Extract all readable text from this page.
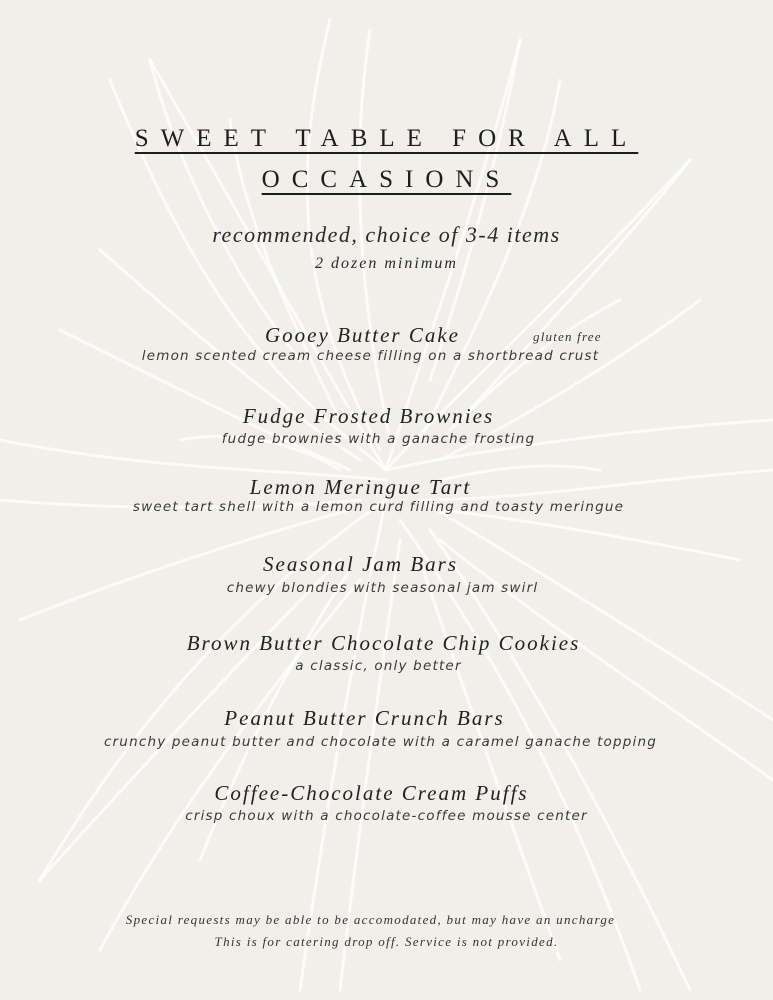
SWEET TABLE FOR ALL
OCCASIONS
recommended, choice of 3-4 items
2 dozen minimum
Gooey Butter Cake	gluten free
lemon scented cream cheese filling on a shortbread crust
Fudge Frosted Brownies
fudge brownies with a ganache frosting
Lemon Meringue Tart
sweet tart shell with a lemon curd filling and toasty meringue
Seasonal Jam Bars
chewy blondies with seasonal jam swirl
Brown Butter Chocolate Chip Cookies
a classic, only better
Peanut Butter Crunch Bars
crunchy peanut butter and chocolate with a caramel ganache topping
Coffee-Chocolate Cream Puffs
crisp choux with a chocolate-coffee mousse center
Special requests may be able to be accomodated, but may have an uncharge
This is for catering drop off. Service is not provided.
